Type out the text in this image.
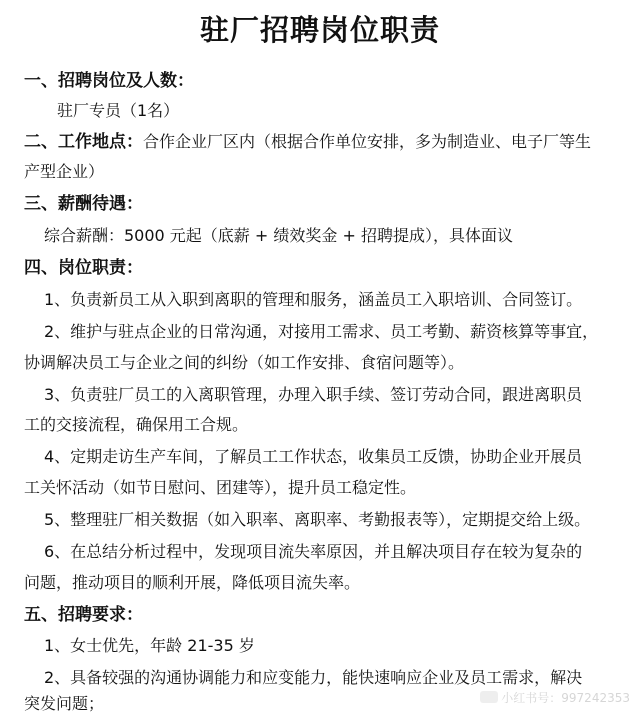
驻厂招聘岗位职责
一、招聘岗位及人数：
驻厂专员（1名）
二、工作地点：合作企业厂区内（根据合作单位安排，多为制造业、电子厂等生
产型企业）
三、薪酬待遇：
综合薪酬：5000 元起（底薪 + 绩效奖金 + 招聘提成），具体面议
四、岗位职责：
1、负责新员工从入职到离职的管理和服务，涵盖员工入职培训、合同签订。
2、维护与驻点企业的日常沟通，对接用工需求、员工考勤、薪资核算等事宜，
协调解决员工与企业之间的纠纷（如工作安排、食宿问题等）。
3、负责驻厂员工的入离职管理，办理入职手续、签订劳动合同，跟进离职员
工的交接流程，确保用工合规。
4、定期走访生产车间，了解员工工作状态，收集员工反馈，协助企业开展员
工关怀活动（如节日慰问、团建等），提升员工稳定性。
5、整理驻厂相关数据（如入职率、离职率、考勤报表等），定期提交给上级。
6、在总结分析过程中，发现项目流失率原因，并且解决项目存在较为复杂的
问题，推动项目的顺利开展，降低项目流失率。
五、招聘要求：
1、女士优先，年龄 21-35 岁
2、具备较强的沟通协调能力和应变能力，能快速响应企业及员工需求，解决
突发问题；	小红书号：997242353
